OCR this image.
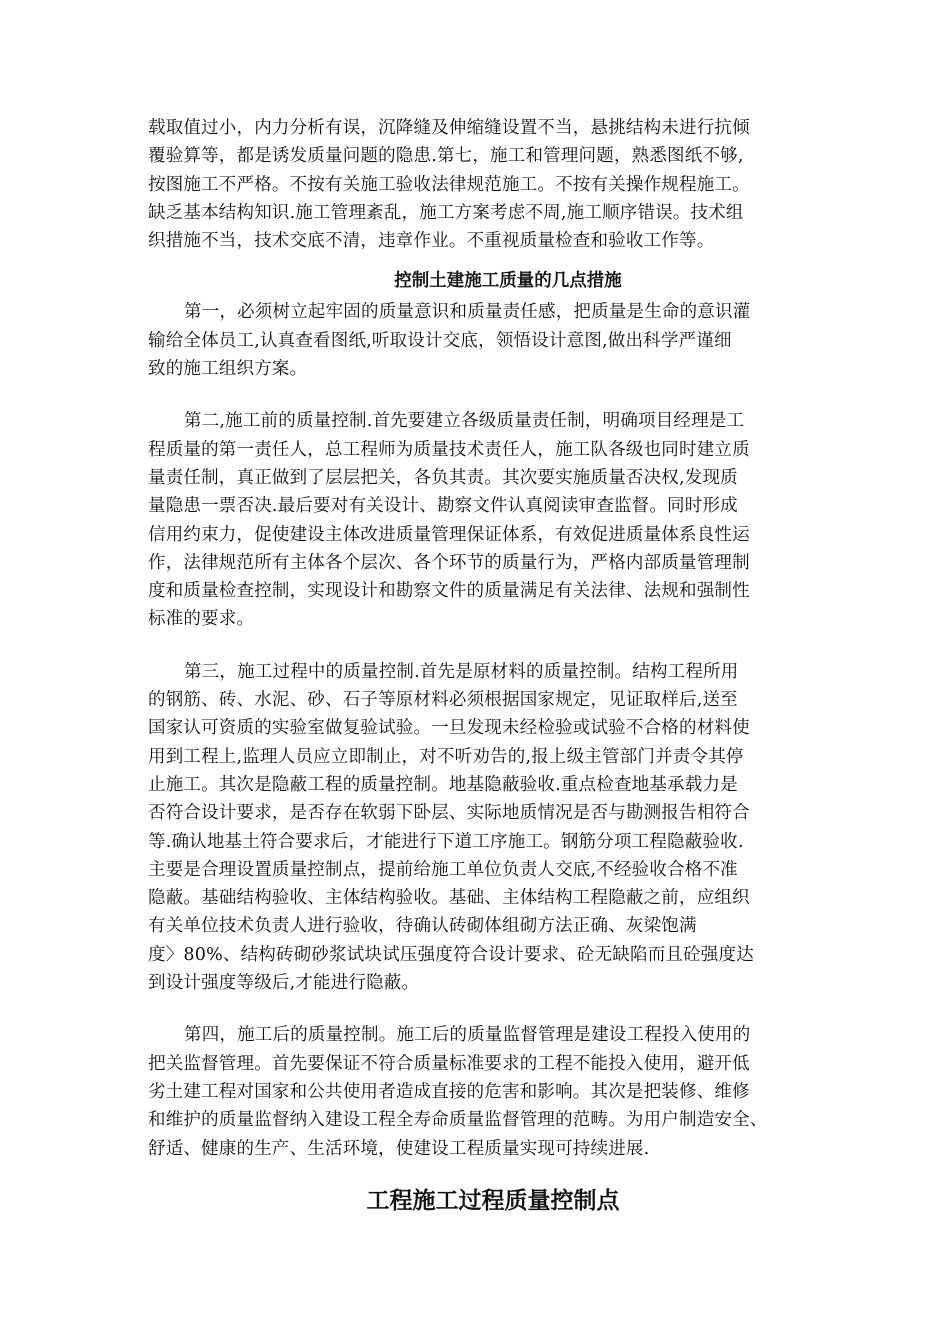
载取值过小，内力分析有误，沉降缝及伸缩缝设置不当，悬挑结构未进行抗倾
覆验算等，都是诱发质量问题的隐患.第七，施工和管理问题，熟悉图纸不够,
按图施工不严格。不按有关施工验收法律规范施工。不按有关操作规程施工。
缺乏基本结构知识.施工管理紊乱，施工方案考虑不周,施工顺序错误。技术组
织措施不当，技术交底不清，违章作业。不重视质量检查和验收工作等。
控制土建施工质量的几点措施
第一，必须树立起牢固的质量意识和质量责任感，把质量是生命的意识灌
输给全体员工,认真查看图纸,听取设计交底，领悟设计意图,做出科学严谨细
致的施工组织方案。
第二,施工前的质量控制.首先要建立各级质量责任制，明确项目经理是工
程质量的第一责任人，总工程师为质量技术责任人，施工队各级也同时建立质
量责任制，真正做到了层层把关，各负其责。其次要实施质量否决权,发现质
量隐患一票否决.最后要对有关设计、勘察文件认真阅读审查监督。同时形成
信用约束力，促使建设主体改进质量管理保证体系，有效促进质量体系良性运
作，法律规范所有主体各个层次、各个环节的质量行为，严格内部质量管理制
度和质量检查控制，实现设计和勘察文件的质量满足有关法律、法规和强制性
标准的要求。
第三，施工过程中的质量控制.首先是原材料的质量控制。结构工程所用
的钢筋、砖、水泥、砂、石子等原材料必须根据国家规定，见证取样后,送至
国家认可资质的实验室做复验试验。一旦发现未经检验或试验不合格的材料使
用到工程上,监理人员应立即制止，对不听劝告的,报上级主管部门并责令其停
止施工。其次是隐蔽工程的质量控制。地基隐蔽验收.重点检查地基承载力是
否符合设计要求，是否存在软弱下卧层、实际地质情况是否与勘测报告相符合
等.确认地基土符合要求后，才能进行下道工序施工。钢筋分项工程隐蔽验收.
主要是合理设置质量控制点，提前给施工单位负责人交底,不经验收合格不准
隐蔽。基础结构验收、主体结构验收。基础、主体结构工程隐蔽之前，应组织
有关单位技术负责人进行验收，待确认砖砌体组砌方法正确、灰梁饱满
度〉80%、结构砖砌砂浆试块试压强度符合设计要求、砼无缺陷而且砼强度达
到设计强度等级后,才能进行隐蔽。
第四，施工后的质量控制。施工后的质量监督管理是建设工程投入使用的
把关监督管理。首先要保证不符合质量标准要求的工程不能投入使用，避开低
劣土建工程对国家和公共使用者造成直接的危害和影响。其次是把装修、维修
和维护的质量监督纳入建设工程全寿命质量监督管理的范畴。为用户制造安全、
舒适、健康的生产、生活环境，使建设工程质量实现可持续进展.
工程施工过程质量控制点
